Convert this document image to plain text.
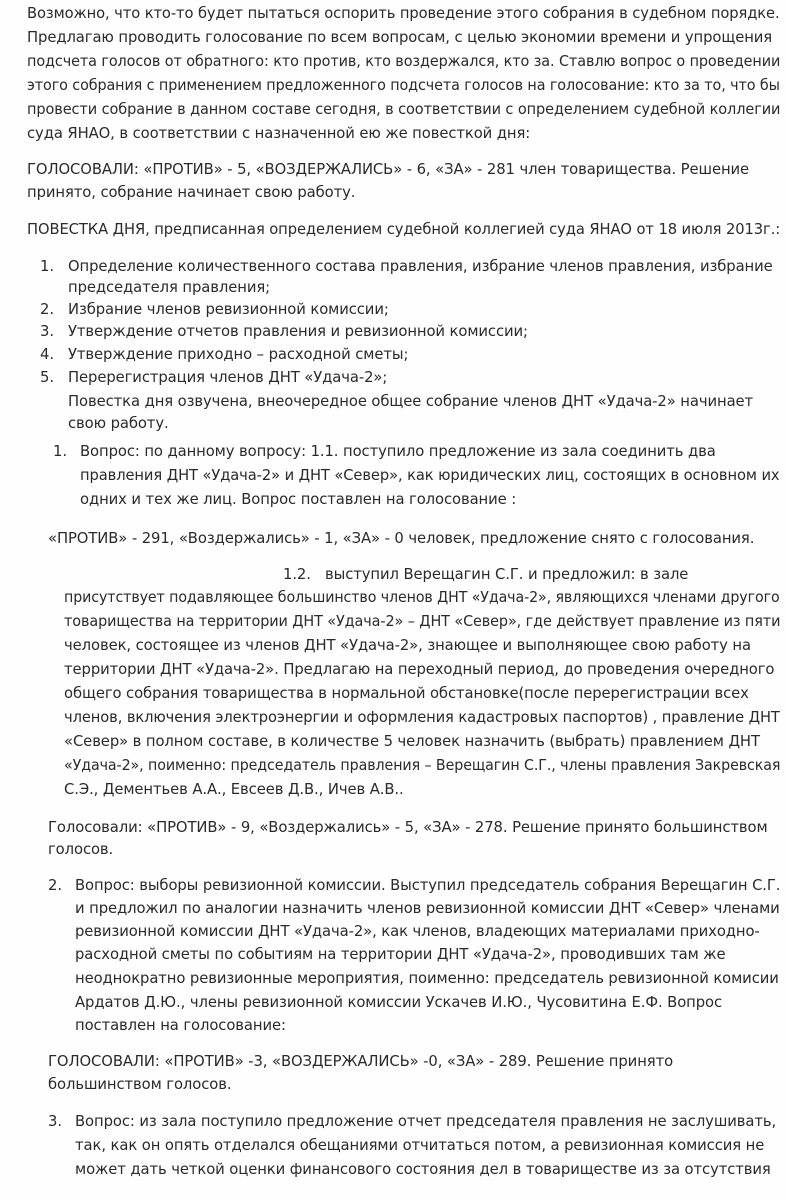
Возможно, что кто-то будет пытаться оспорить проведение этого собрания в судебном порядке.
Предлагаю проводить голосование по всем вопросам, с целью экономии времени и упрощения
подсчета голосов от обратного: кто против, кто воздержался, кто за. Ставлю вопрос о проведении
этого собрания с применением предложенного подсчета голосов на голосование: кто за то, что бы
провести собрание в данном составе сегодня, в соответствии с определением судебной коллегии
суда ЯНАО, в соответствии с назначенной ею же повесткой дня:
ГОЛОСОВАЛИ: «ПРОТИВ» - 5, «ВОЗДЕРЖАЛИСЬ» - 6, «ЗА» - 281 член товарищества. Решение
принято, собрание начинает свою работу.
ПОВЕСТКА ДНЯ, предписанная определением судебной коллегией суда ЯНАО от 18 июля 2013г.:
1. Определение количественного состава правления, избрание членов правления, избрание
председателя правления;
2. Избрание членов ревизионной комиссии;
3. Утверждение отчетов правления и ревизионной комиссии;
4. Утверждение приходно – расходной сметы;
5. Перерегистрация членов ДНТ «Удача-2»;
Повестка дня озвучена, внеочередное общее собрание членов ДНТ «Удача-2» начинает
свою работу.
1. Вопрос: по данному вопросу: 1.1. поступило предложение из зала соединить два
правления ДНТ «Удача-2» и ДНТ «Север», как юридических лиц, состоящих в основном их
одних и тех же лиц. Вопрос поставлен на голосование :
«ПРОТИВ» - 291, «Воздержались» - 1, «ЗА» - 0 человек, предложение снято с голосования.
1.2. выступил Верещагин С.Г. и предложил: в зале
присутствует подавляющее большинство членов ДНТ «Удача-2», являющихся членами другого
товарищества на территории ДНТ «Удача-2» – ДНТ «Север», где действует правление из пяти
человек, состоящее из членов ДНТ «Удача-2», знающее и выполняющее свою работу на
территории ДНТ «Удача-2». Предлагаю на переходный период, до проведения очередного
общего собрания товарищества в нормальной обстановке(после перерегистрации всех
членов, включения электроэнергии и оформления кадастровых паспортов) , правление ДНТ
«Север» в полном составе, в количестве 5 человек назначить (выбрать) правлением ДНТ
«Удача-2», поименно: председатель правления – Верещагин С.Г., члены правления Закревская
С.Э., Дементьев А.А., Евсеев Д.В., Ичев А.В..
Голосовали: «ПРОТИВ» - 9, «Воздержались» - 5, «ЗА» - 278. Решение принято большинством
голосов.
2. Вопрос: выборы ревизионной комиссии. Выступил председатель собрания Верещагин С.Г.
и предложил по аналогии назначить членов ревизионной комиссии ДНТ «Север» членами
ревизионной комиссии ДНТ «Удача-2», как членов, владеющих материалами приходно-
расходной сметы по событиям на территории ДНТ «Удача-2», проводивших там же
неоднократно ревизионные мероприятия, поименно: председатель ревизионной комисии
Ардатов Д.Ю., члены ревизионной комиссии Ускачев И.Ю., Чусовитина Е.Ф. Вопрос
поставлен на голосование:
ГОЛОСОВАЛИ: «ПРОТИВ» -3, «ВОЗДЕРЖАЛИСЬ» -0, «ЗА» - 289. Решение принято
большинством голосов.
3. Вопрос: из зала поступило предложение отчет председателя правления не заслушивать,
так, как он опять отделался обещаниями отчитаться потом, а ревизионная комиссия не
может дать четкой оценки финансового состояния дел в товариществе из за отсутствия
